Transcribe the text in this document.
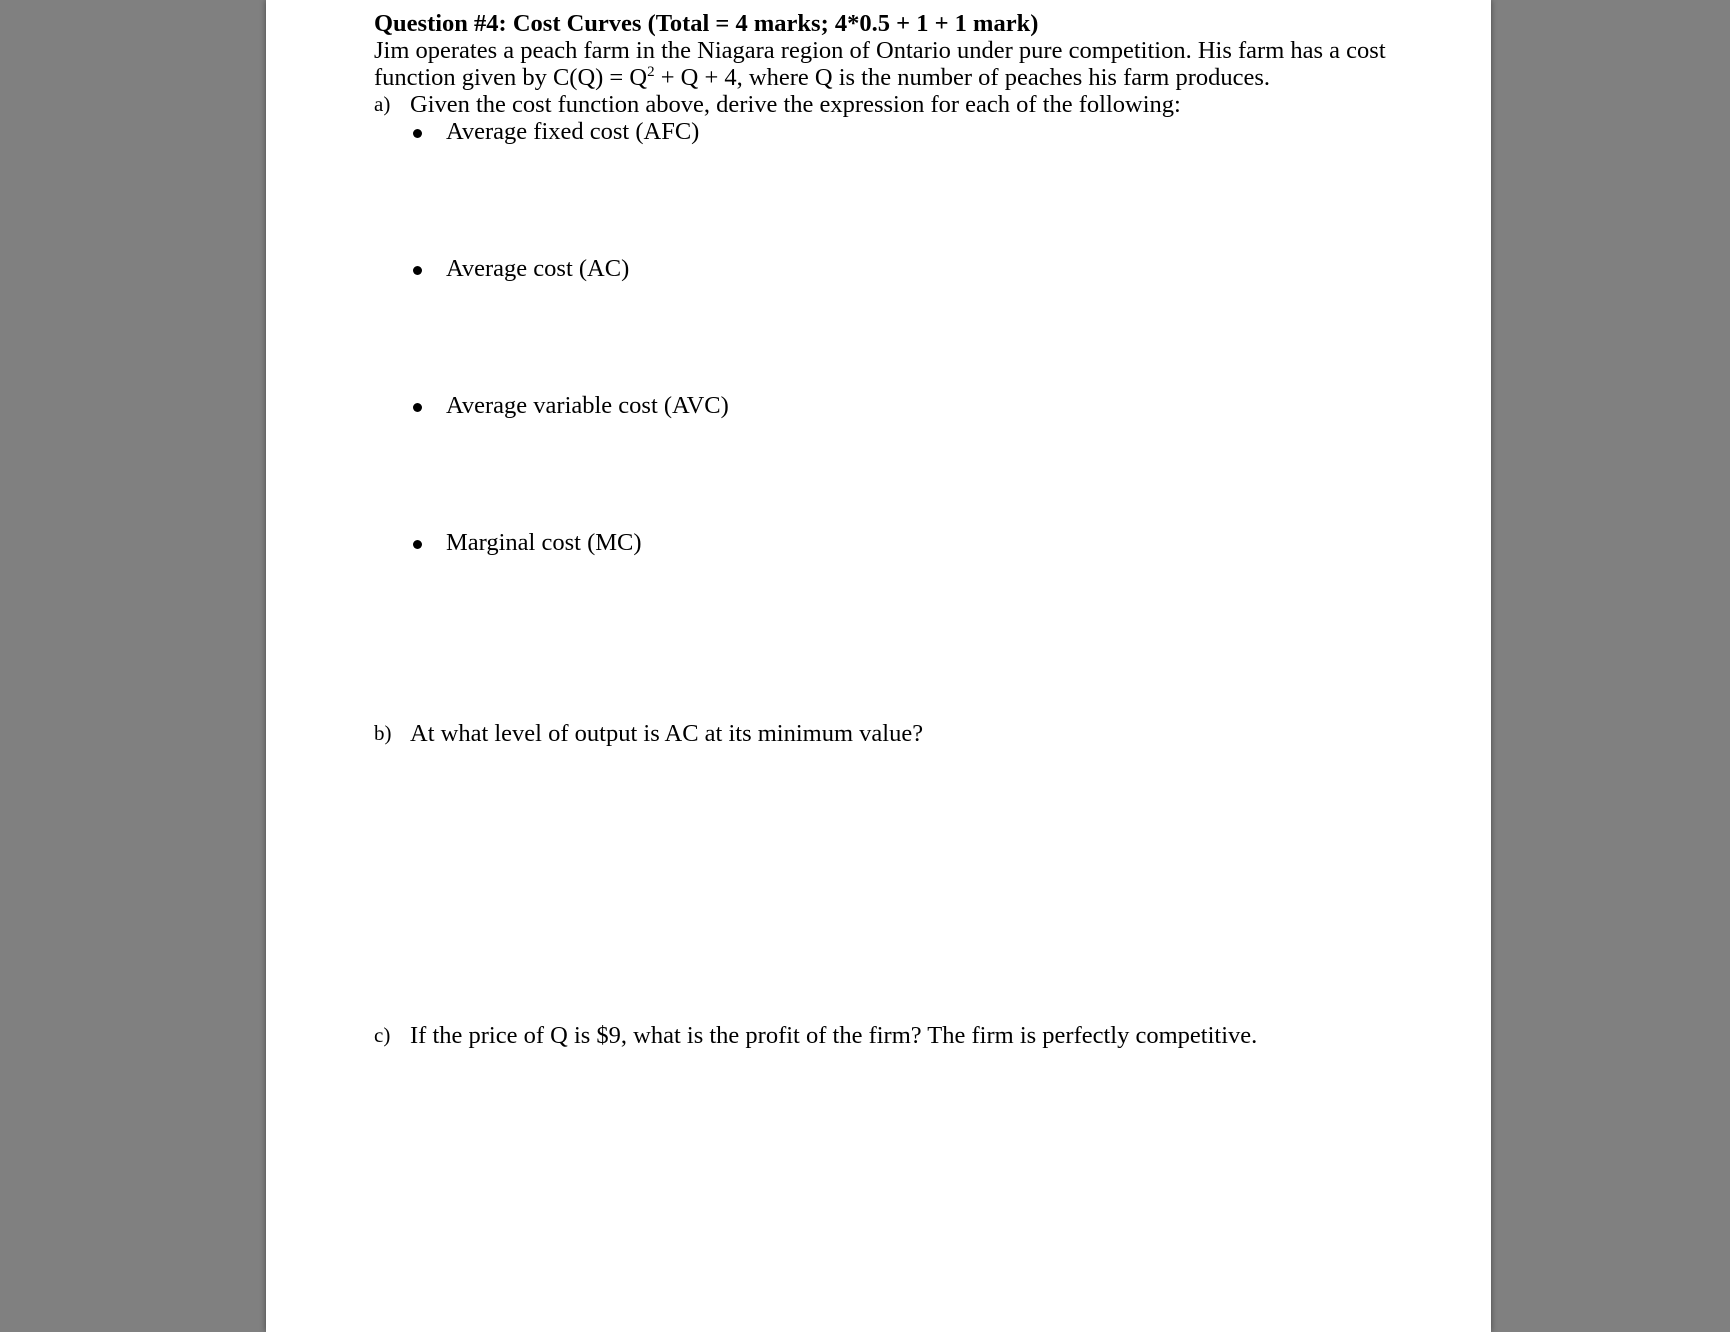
Question #4: Cost Curves (Total = 4 marks; 4*0.5 + 1 + 1 mark)

Jim operates a peach farm in the Niagara region of Ontario under pure competition. His farm has a cost

function given by $C(Q) = Q^2 + Q + 4$, where Q is the number of peaches his farm produces.

a) Given the cost function above, derive the expression for each of the following:

Average fixed cost (AFC)

Average cost (AC)

Average variable cost (AVC)

Marginal cost (MC)

b) At what level of output is AC at its minimum value?

c) If the price of Q is $9, what is the profit of the firm? The firm is perfectly competitive.
